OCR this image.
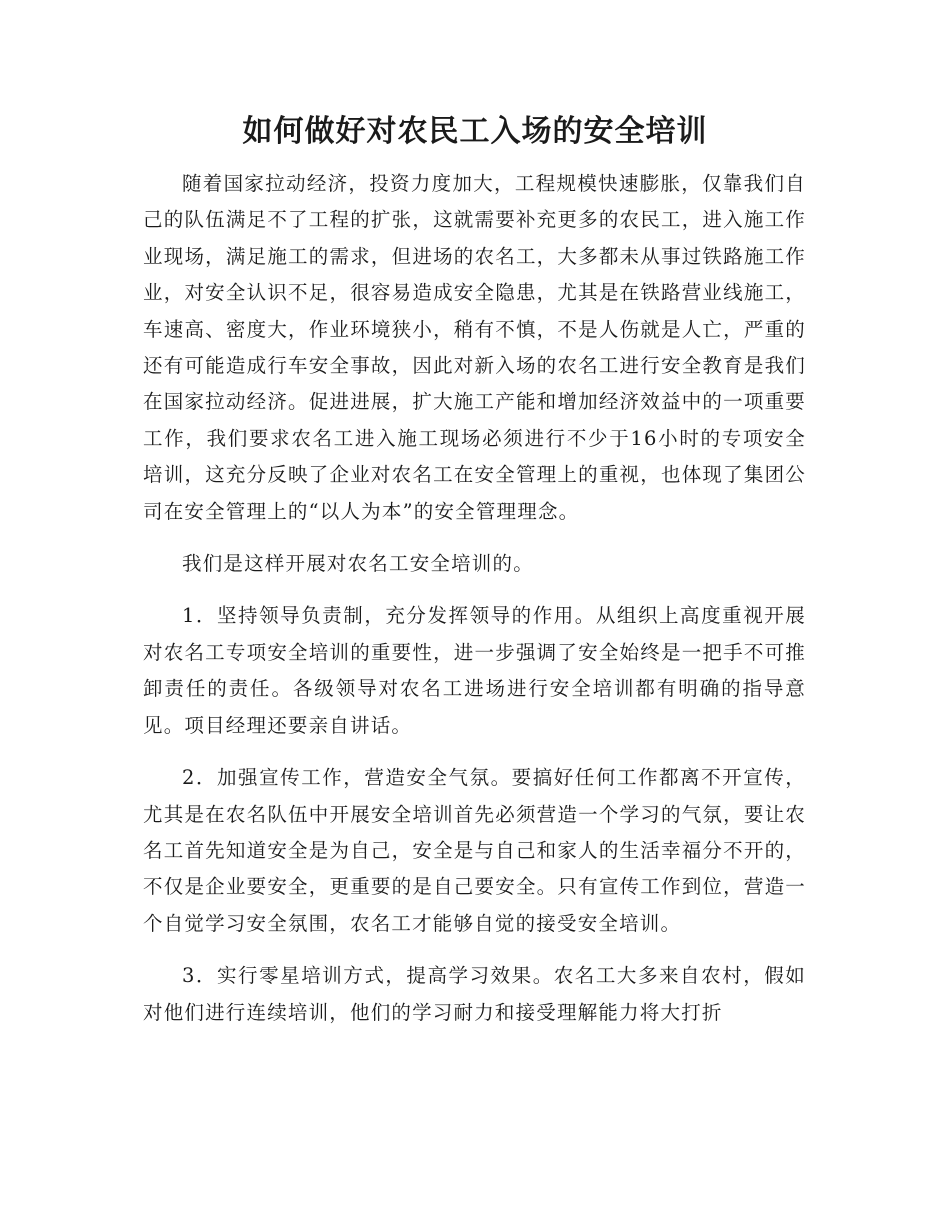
如何做好对农民工入场的安全培训

随着国家拉动经济，投资力度加大，工程规模快速膨胀，仅靠我们自己的队伍满足不了工程的扩张，这就需要补充更多的农民工，进入施工作业现场，满足施工的需求，但进场的农名工，大多都未从事过铁路施工作业，对安全认识不足，很容易造成安全隐患，尤其是在铁路营业线施工，车速高、密度大，作业环境狭小，稍有不慎，不是人伤就是人亡，严重的还有可能造成行车安全事故，因此对新入场的农名工进行安全教育是我们在国家拉动经济。促进进展，扩大施工产能和增加经济效益中的一项重要工作，我们要求农名工进入施工现场必须进行不少于16小时的专项安全培训，这充分反映了企业对农名工在安全管理上的重视，也体现了集团公司在安全管理上的“以人为本”的安全管理理念。

我们是这样开展对农名工安全培训的。

1．坚持领导负责制，充分发挥领导的作用。从组织上高度重视开展对农名工专项安全培训的重要性，进一步强调了安全始终是一把手不可推卸责任的责任。各级领导对农名工进场进行安全培训都有明确的指导意见。项目经理还要亲自讲话。

2．加强宣传工作，营造安全气氛。要搞好任何工作都离不开宣传，尤其是在农名队伍中开展安全培训首先必须营造一个学习的气氛，要让农名工首先知道安全是为自己，安全是与自己和家人的生活幸福分不开的，不仅是企业要安全，更重要的是自己要安全。只有宣传工作到位，营造一个自觉学习安全氛围，农名工才能够自觉的接受安全培训。

3．实行零星培训方式，提高学习效果。农名工大多来自农村，假如对他们进行连续培训，他们的学习耐力和接受理解能力将大打折
